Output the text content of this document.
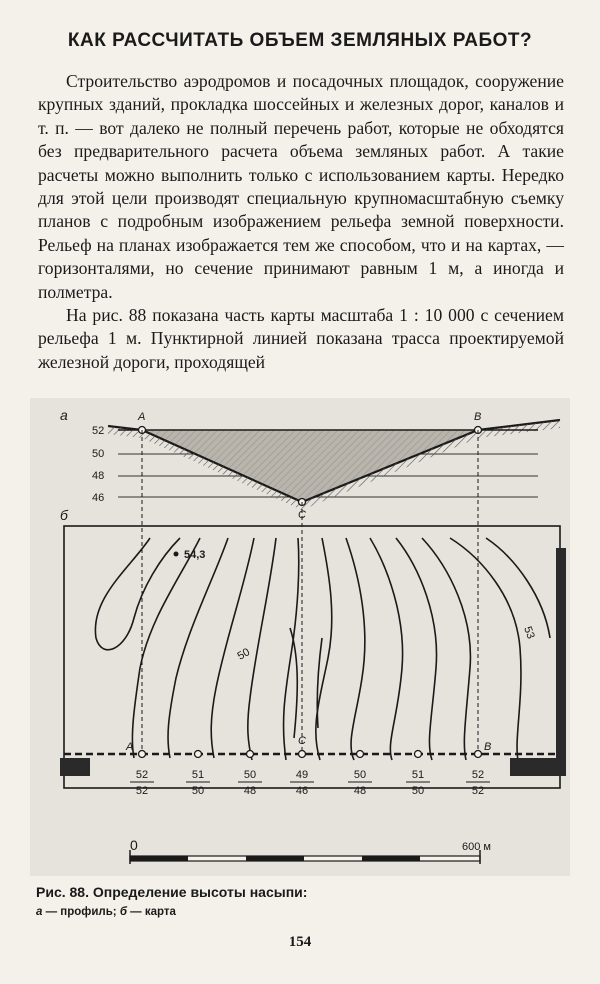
КАК РАССЧИТАТЬ ОБЪЕМ ЗЕМЛЯНЫХ РАБОТ?

Строительство аэродромов и посадочных площадок, сооружение крупных зданий, прокладка шоссейных и железных дорог, каналов и т. п. — вот далеко не полный перечень работ, которые не обходятся без предварительного расчета объема земляных работ. А такие расчеты можно выполнить только с использованием карты. Нередко для этой цели производят специальную крупномасштабную съемку планов с подробным изображением рельефа земной поверхности. Рельеф на планах изображается тем же способом, что и на картах, — горизонталями, но сечение принимают равным 1 м, а иногда и полметра.

На рис. 88 показана часть карты масштаба 1 : 10 000 с сечением рельефа 1 м. Пунктирной линией показана трасса проектируемой железной дороги, проходящей

а
52
50
48
46
A	B
C
б
54,3
50
53
A	B
C
52
52
51
50
50
48
49
46
50
48
51
50
52
52
0	600 м
Рис. 88. Определение высоты насыпи:
а — профиль; б — карта
154
